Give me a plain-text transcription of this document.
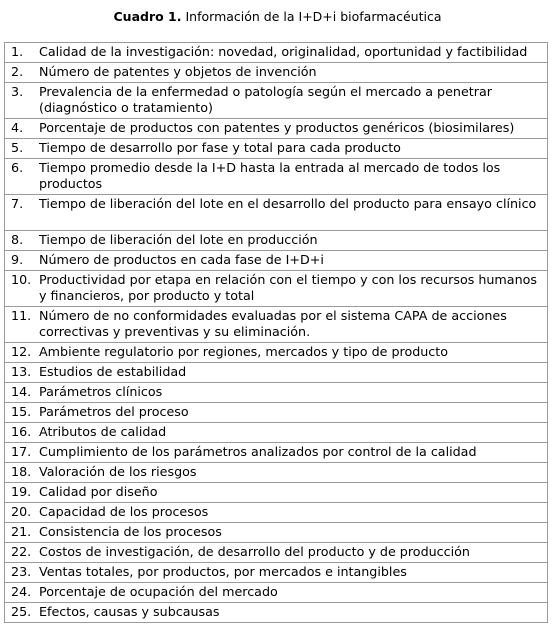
Cuadro 1. Información de la I+D+i biofarmacéutica
1.	Calidad de la investigación: novedad, originalidad, oportunidad y factibilidad
2.	Número de patentes y objetos de invención
3.	Prevalencia de la enfermedad o patología según el mercado a penetrar (diagnóstico o tratamiento)
4.	Porcentaje de productos con patentes y productos genéricos (biosimilares)
5.	Tiempo de desarrollo por fase y total para cada producto
6.	Tiempo promedio desde la I+D hasta la entrada al mercado de todos los productos
7.	Tiempo de liberación del lote en el desarrollo del producto para ensayo clínico
8.	Tiempo de liberación del lote en producción
9.	Número de productos en cada fase de I+D+i
10.	Productividad por etapa en relación con el tiempo y con los recursos humanos y financieros, por producto y total
11.	Número de no conformidades evaluadas por el sistema CAPA de acciones correctivas y preventivas y su eliminación.
12.	Ambiente regulatorio por regiones, mercados y tipo de producto
13.	Estudios de estabilidad
14.	Parámetros clínicos
15.	Parámetros del proceso
16.	Atributos de calidad
17.	Cumplimiento de los parámetros analizados por control de la calidad
18.	Valoración de los riesgos
19.	Calidad por diseño
20.	Capacidad de los procesos
21.	Consistencia de los procesos
22.	Costos de investigación, de desarrollo del producto y de producción
23.	Ventas totales, por productos, por mercados e intangibles
24.	Porcentaje de ocupación del mercado
25.	Efectos, causas y subcausas
